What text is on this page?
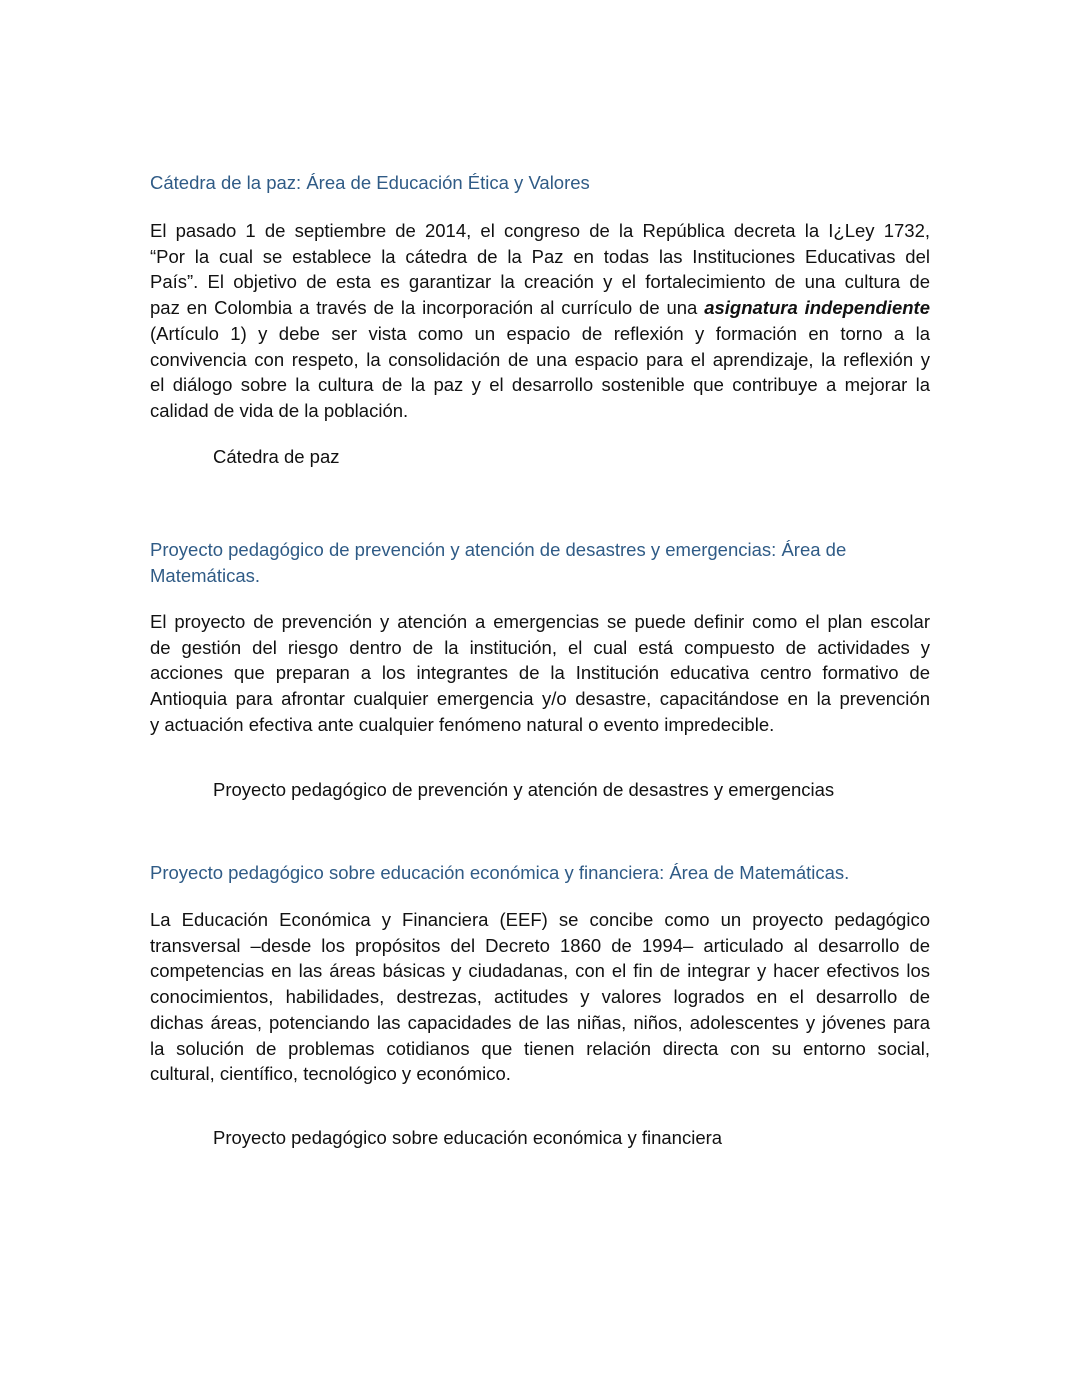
Cátedra de la paz: Área de Educación Ética y Valores
El pasado 1 de septiembre de 2014, el congreso de la República decreta la I¿Ley 1732,
“Por la cual se establece la cátedra de la Paz en todas las Instituciones Educativas del
País”. El objetivo de esta es garantizar la creación y el fortalecimiento de una cultura de
paz en Colombia a través de la incorporación al currículo de una asignatura independiente
(Artículo 1) y debe ser vista como un espacio de reflexión y formación en torno a la
convivencia con respeto, la consolidación de una espacio para el aprendizaje, la reflexión y
el diálogo sobre la cultura de la paz y el desarrollo sostenible que contribuye a mejorar la
calidad de vida de la población.
Cátedra de paz
Proyecto pedagógico de prevención y atención de desastres y emergencias: Área de
Matemáticas.
El proyecto de prevención y atención a emergencias se puede definir como el plan escolar
de gestión del riesgo dentro de la institución, el cual está compuesto de actividades y
acciones que preparan a los integrantes de la Institución educativa centro formativo de
Antioquia para afrontar cualquier emergencia y/o desastre, capacitándose en la prevención
y actuación efectiva ante cualquier fenómeno natural o evento impredecible.
Proyecto pedagógico de prevención y atención de desastres y emergencias
Proyecto pedagógico sobre educación económica y financiera: Área de Matemáticas.
La Educación Económica y Financiera (EEF) se concibe como un proyecto pedagógico
transversal –desde los propósitos del Decreto 1860 de 1994– articulado al desarrollo de
competencias en las áreas básicas y ciudadanas, con el fin de integrar y hacer efectivos los
conocimientos, habilidades, destrezas, actitudes y valores logrados en el desarrollo de
dichas áreas, potenciando las capacidades de las niñas, niños, adolescentes y jóvenes para
la solución de problemas cotidianos que tienen relación directa con su entorno social,
cultural, científico, tecnológico y económico.
Proyecto pedagógico sobre educación económica y financiera
